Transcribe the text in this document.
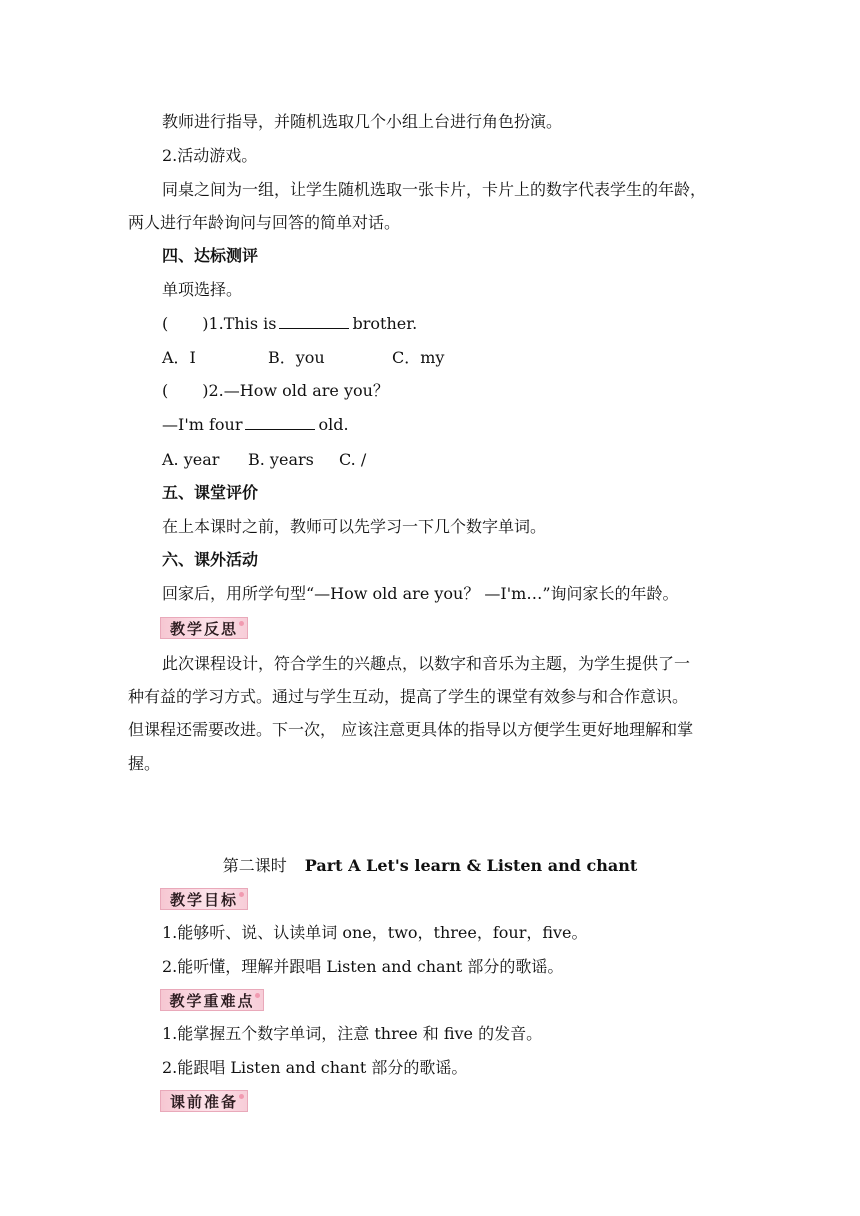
教师进行指导，并随机选取几个小组上台进行角色扮演。
2.活动游戏。
同桌之间为一组，让学生随机选取一张卡片，卡片上的数字代表学生的年龄，
两人进行年龄询问与回答的简单对话。
四、达标测评
单项选择。
( )1.This is	brother.
A．I	B．you	C．my
( )2.—How old are you？
—I'm four	old.
A. year B. years C. /
五、课堂评价
在上本课时之前，教师可以先学习一下几个数字单词。
六、课外活动
回家后，用所学句型“—How old are you？ —I'm…”询问家长的年龄。
教学反思
此次课程设计，符合学生的兴趣点，以数字和音乐为主题，为学生提供了一
种有益的学习方式。通过与学生互动，提高了学生的课堂有效参与和合作意识。
但课程还需要改进。下一次， 应该注意更具体的指导以方便学生更好地理解和掌
握。
第二课时 Part A Let's learn & Listen and chant
教学目标
1.能够听、说、认读单词 one，two，three，four，five。
2.能听懂，理解并跟唱 Listen and chant 部分的歌谣。
教学重难点
1.能掌握五个数字单词，注意 three 和 five 的发音。
2.能跟唱 Listen and chant 部分的歌谣。
课前准备
